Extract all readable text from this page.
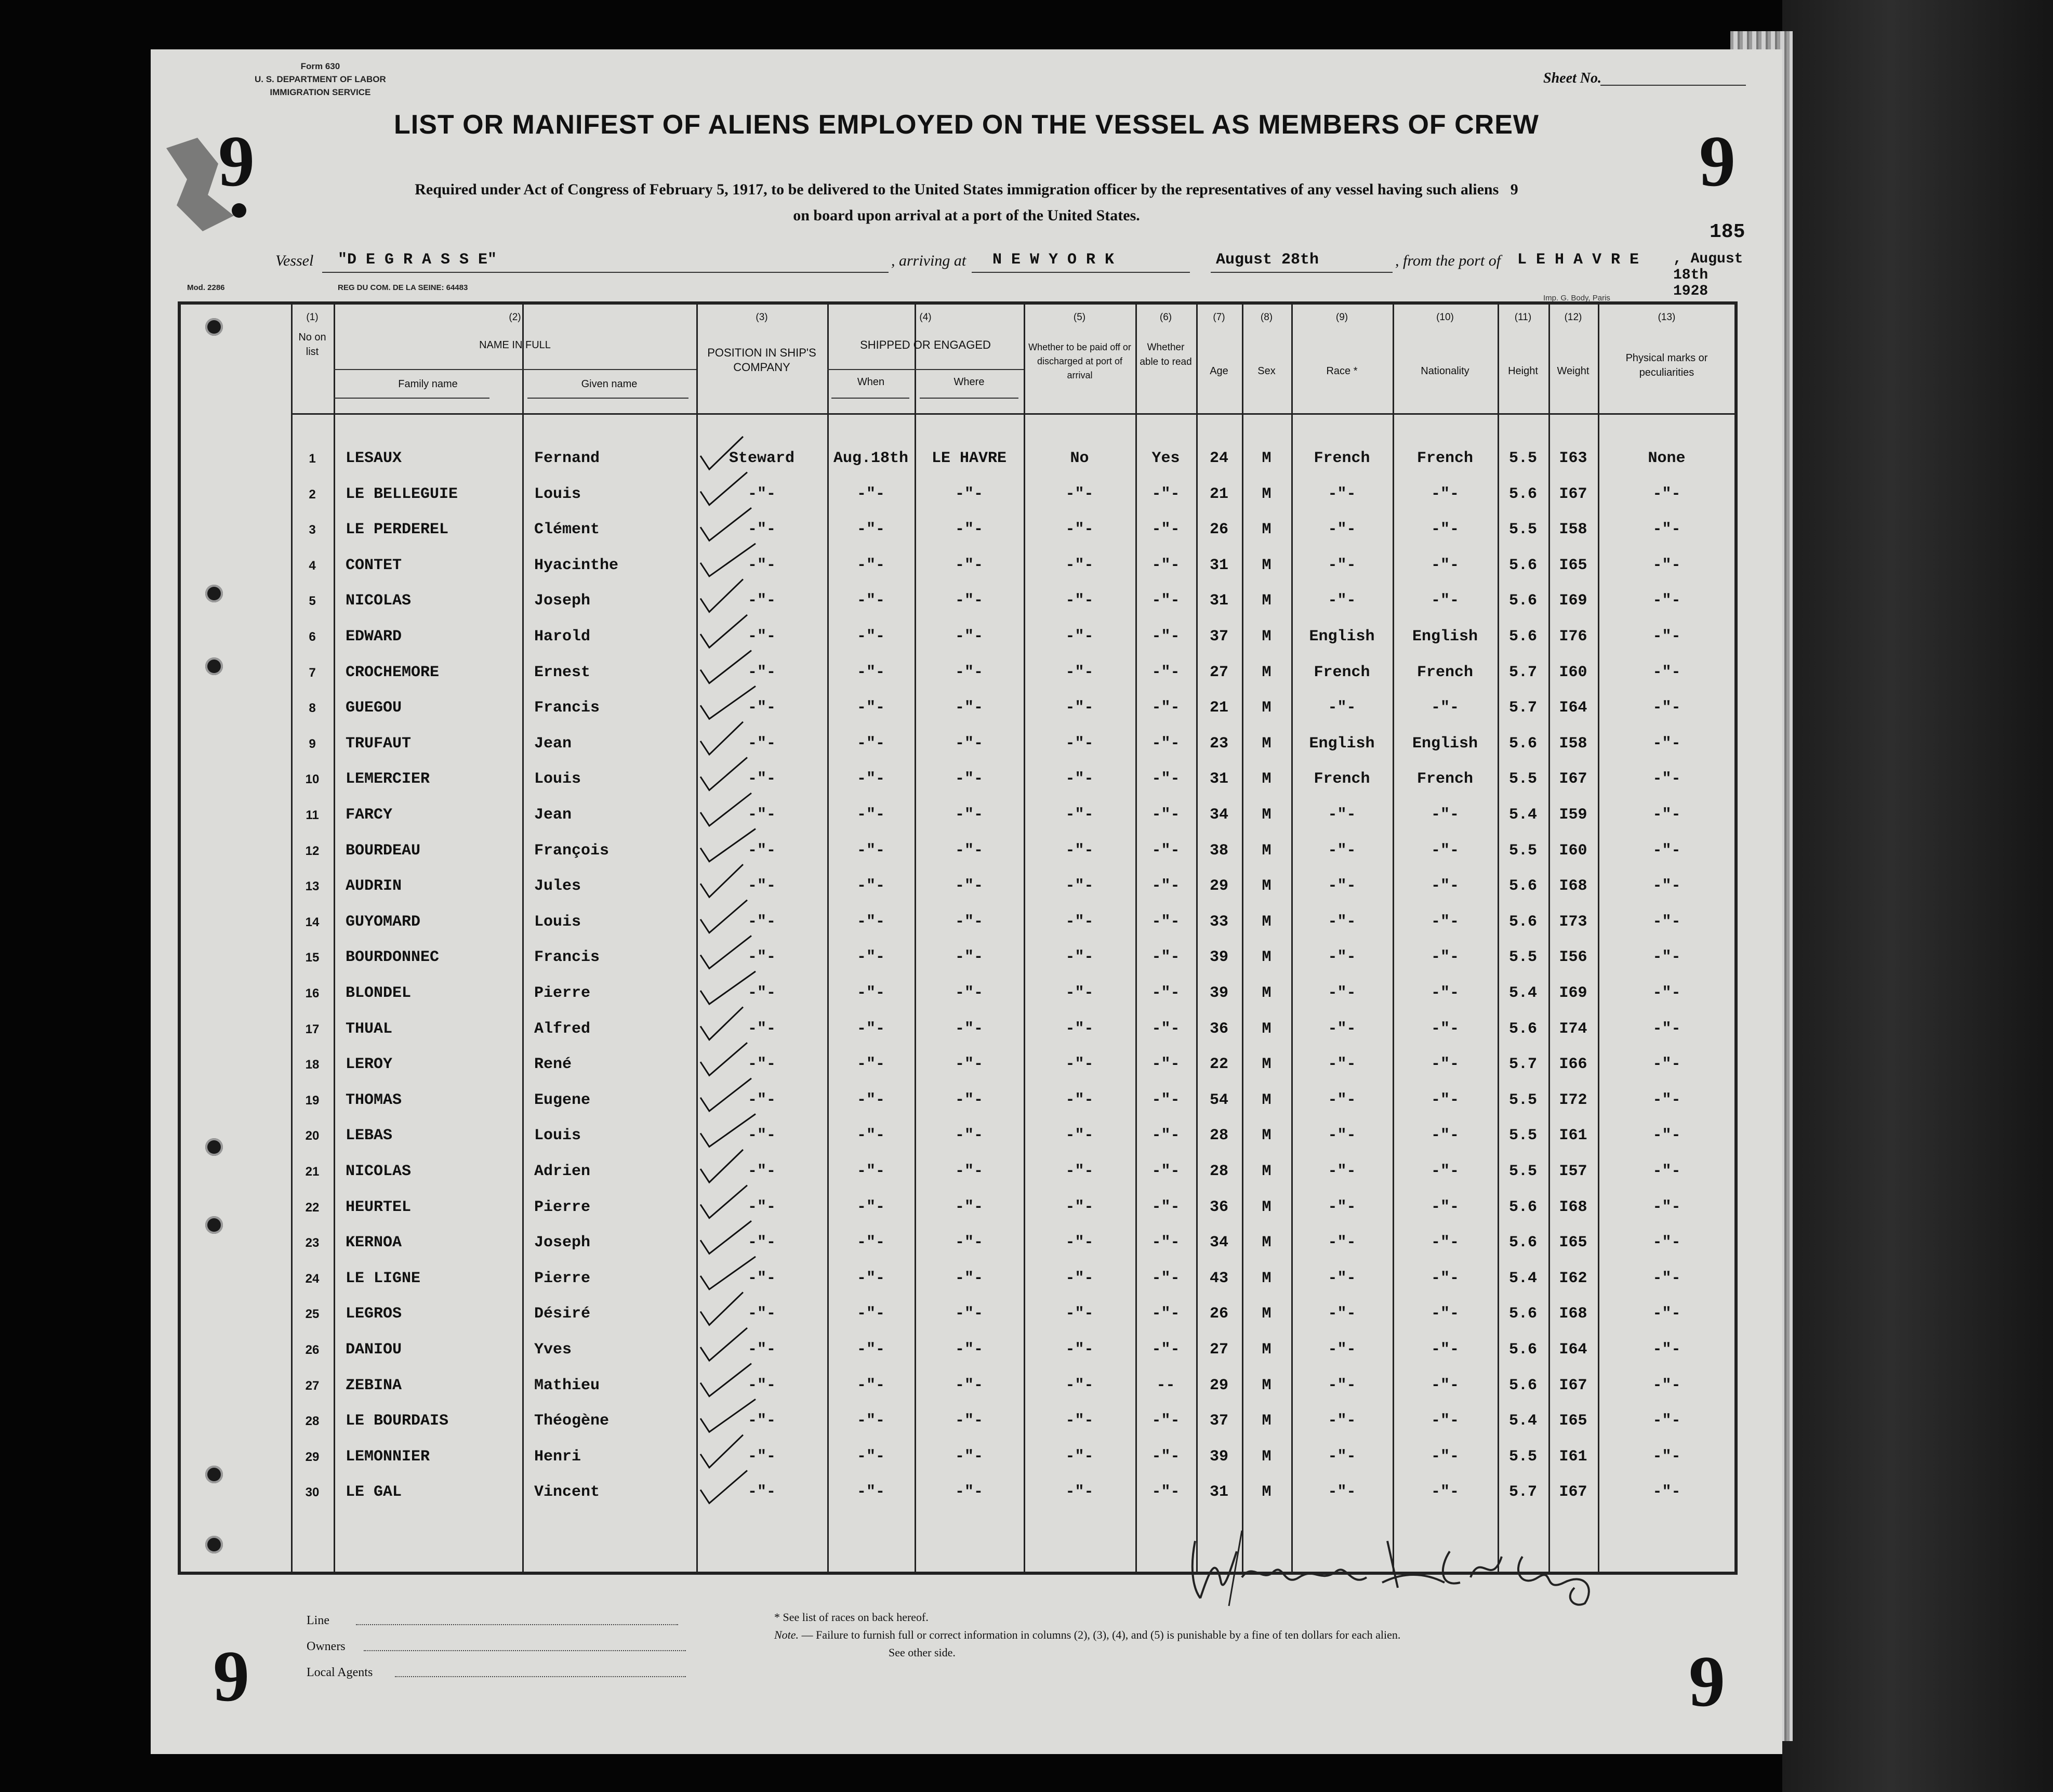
Form 630
U. S. DEPARTMENT OF LABOR
IMMIGRATION SERVICE
Sheet No.
LIST OR MANIFEST OF ALIENS EMPLOYED ON THE VESSEL AS MEMBERS OF CREW
Required under Act of Congress of February 5, 1917, to be delivered to the United States immigration officer by the representatives of any vessel having such aliens 9
on board upon arrival at a port of the United States.
9	9
185
Vessel "D E G R A S S E"	, arriving at N E W Y O R K	August 28th	, from the port of L E H A V R E , August 18th 1928
Mod. 2286	REG DU COM. DE LA SEINE: 64483
Imp. G. Body, Paris
(1)
No on list
(2)
NAME IN FULL
Family name	Given name
(3)
POSITION IN SHIP'S COMPANY
(4)
SHIPPED OR ENGAGED
When	Where
(5)
Whether to be paid off or discharged at port of arrival
(6)
Whether able to read
(7)
Age
(8)
Sex
(9)
Race *
(10)
Nationality
(11)
Height
(12)
Weight
(13)
Physical marks or peculiarities
1	LESAUX	Fernand	Steward	Aug.18th	LE HAVRE	No	Yes	24	M	French	French	5.5	I63	None
2	LE BELLEGUIE	Louis	-"-	-"-	-"-	-"-	-"-	21	M	-"-	-"-	5.6	I67	-"-
3	LE PERDEREL	Clément	-"-	-"-	-"-	-"-	-"-	26	M	-"-	-"-	5.5	I58	-"-
4	CONTET	Hyacinthe	-"-	-"-	-"-	-"-	-"-	31	M	-"-	-"-	5.6	I65	-"-
5	NICOLAS	Joseph	-"-	-"-	-"-	-"-	-"-	31	M	-"-	-"-	5.6	I69	-"-
6	EDWARD	Harold	-"-	-"-	-"-	-"-	-"-	37	M	English	English	5.6	I76	-"-
7	CROCHEMORE	Ernest	-"-	-"-	-"-	-"-	-"-	27	M	French	French	5.7	I60	-"-
8	GUEGOU	Francis	-"-	-"-	-"-	-"-	-"-	21	M	-"-	-"-	5.7	I64	-"-
9	TRUFAUT	Jean	-"-	-"-	-"-	-"-	-"-	23	M	English	English	5.6	I58	-"-
10	LEMERCIER	Louis	-"-	-"-	-"-	-"-	-"-	31	M	French	French	5.5	I67	-"-
11	FARCY	Jean	-"-	-"-	-"-	-"-	-"-	34	M	-"-	-"-	5.4	I59	-"-
12	BOURDEAU	François	-"-	-"-	-"-	-"-	-"-	38	M	-"-	-"-	5.5	I60	-"-
13	AUDRIN	Jules	-"-	-"-	-"-	-"-	-"-	29	M	-"-	-"-	5.6	I68	-"-
14	GUYOMARD	Louis	-"-	-"-	-"-	-"-	-"-	33	M	-"-	-"-	5.6	I73	-"-
15	BOURDONNEC	Francis	-"-	-"-	-"-	-"-	-"-	39	M	-"-	-"-	5.5	I56	-"-
16	BLONDEL	Pierre	-"-	-"-	-"-	-"-	-"-	39	M	-"-	-"-	5.4	I69	-"-
17	THUAL	Alfred	-"-	-"-	-"-	-"-	-"-	36	M	-"-	-"-	5.6	I74	-"-
18	LEROY	René	-"-	-"-	-"-	-"-	-"-	22	M	-"-	-"-	5.7	I66	-"-
19	THOMAS	Eugene	-"-	-"-	-"-	-"-	-"-	54	M	-"-	-"-	5.5	I72	-"-
20	LEBAS	Louis	-"-	-"-	-"-	-"-	-"-	28	M	-"-	-"-	5.5	I61	-"-
21	NICOLAS	Adrien	-"-	-"-	-"-	-"-	-"-	28	M	-"-	-"-	5.5	I57	-"-
22	HEURTEL	Pierre	-"-	-"-	-"-	-"-	-"-	36	M	-"-	-"-	5.6	I68	-"-
23	KERNOA	Joseph	-"-	-"-	-"-	-"-	-"-	34	M	-"-	-"-	5.6	I65	-"-
24	LE LIGNE	Pierre	-"-	-"-	-"-	-"-	-"-	43	M	-"-	-"-	5.4	I62	-"-
25	LEGROS	Désiré	-"-	-"-	-"-	-"-	-"-	26	M	-"-	-"-	5.6	I68	-"-
26	DANIOU	Yves	-"-	-"-	-"-	-"-	-"-	27	M	-"-	-"-	5.6	I64	-"-
27	ZEBINA	Mathieu	-"-	-"-	-"-	-"-	--	29	M	-"-	-"-	5.6	I67	-"-
28	LE BOURDAIS	Théogène	-"-	-"-	-"-	-"-	-"-	37	M	-"-	-"-	5.4	I65	-"-
29	LEMONNIER	Henri	-"-	-"-	-"-	-"-	-"-	39	M	-"-	-"-	5.5	I61	-"-
30	LE GAL	Vincent	-"-	-"-	-"-	-"-	-"-	31	M	-"-	-"-	5.7	I67	-"-
Line
Owners
Local Agents
* See list of races on back hereof.
Note. — Failure to furnish full or correct information in columns (2), (3), (4), and (5) is punishable by a fine of ten dollars for each alien.
See other side.
9	9
